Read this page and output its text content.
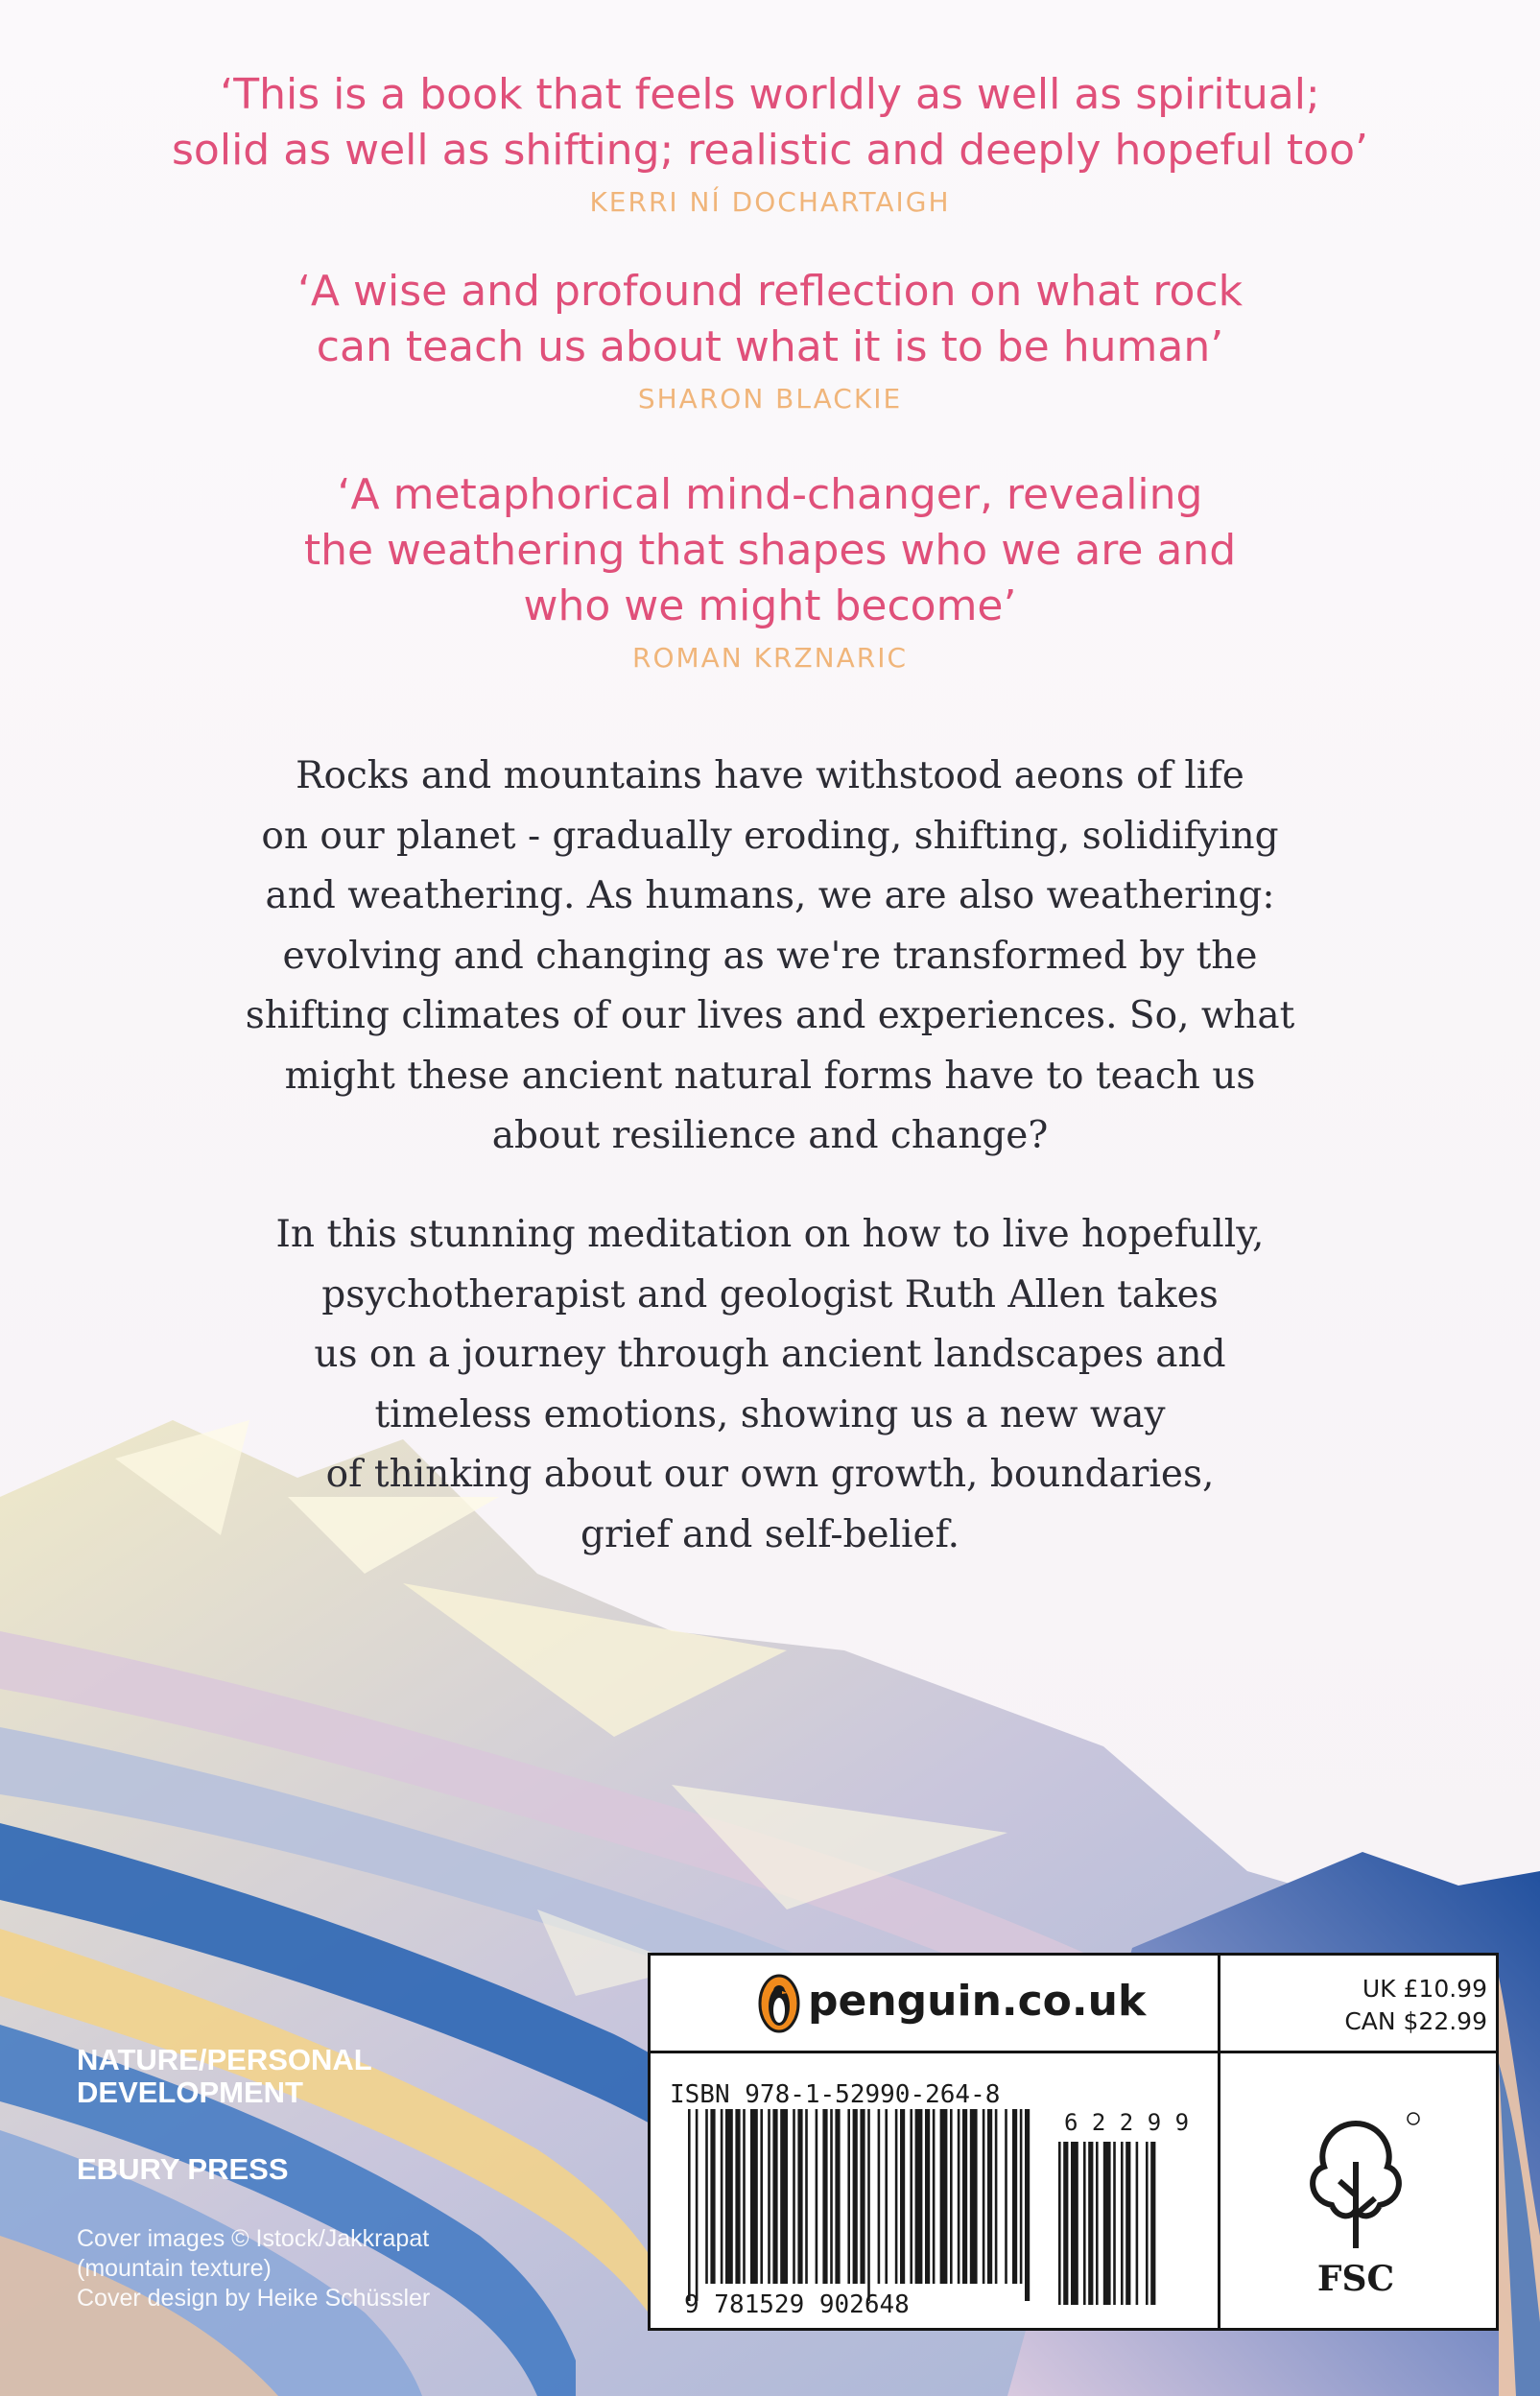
‘This is a book that feels worldly as well as spiritual;

solid as well as shifting; realistic and deeply hopeful too’

KERRI NÍ DOCHARTAIGH

‘A wise and profound reflection on what rock

can teach us about what it is to be human’

SHARON BLACKIE

‘A metaphorical mind-changer, revealing

the weathering that shapes who we are and

who we might become’

ROMAN KRZNARIC
Rocks and mountains have withstood aeons of life
on our planet - gradually eroding, shifting, solidifying
and weathering. As humans, we are also weathering:
evolving and changing as we're transformed by the
shifting climates of our lives and experiences. So, what
might these ancient natural forms have to teach us
about resilience and change?
In this stunning meditation on how to live hopefully,
psychotherapist and geologist Ruth Allen takes
us on a journey through ancient landscapes and
timeless emotions, showing us a new way
of thinking about our own growth, boundaries,
grief and self-belief.
NATURE/PERSONAL
DEVELOPMENT
EBURY PRESS
Cover images © Istock/Jakkrapat
(mountain texture)
Cover design by Heike Schüssler
penguin.co.uk	UK £10.99
CAN $22.99
ISBN 978-1-52990-264-8
9 781529 902648
6 2 2 9 9
FSC
